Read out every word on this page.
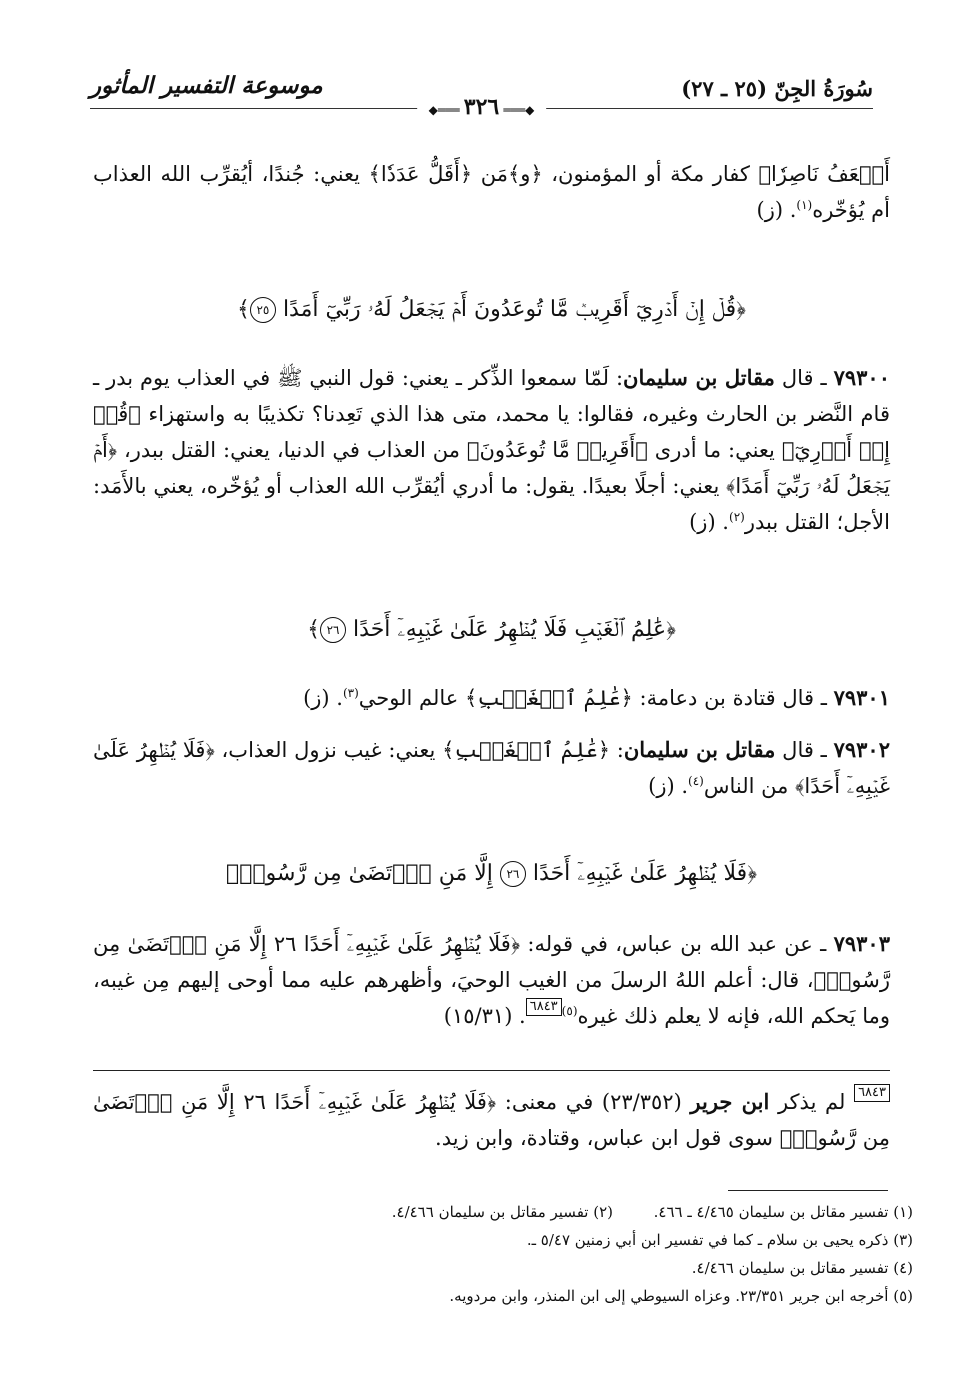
سُورَةُ الجِنّ (٢٥ ـ ٢٧)
موسوعة التفسير المأثور
◆═══ ٣٢٦ ═══◆

أَضۡعَفُ نَاصِرٗا﴾ كفار مكة أو المؤمنون، ﴿و﴾مَن ﴿أَقَلُّ عَدَدٗا﴾ يعني: جُندًا، أيُقرِّب الله العذاب أم يُؤخّره$^{(١)}$. (ز)

﴿قُلۡ إِنۡ أَدۡرِيٓ أَقَرِيبٞ مَّا تُوعَدُونَ أَمۡ يَجۡعَلُ لَهُۥ رَبِّيٓ أَمَدًا ٢٥﴾

٧٩٣٠٠ ـ قال مقاتل بن سليمان: لَمّا سمعوا الذِّكر ـ يعني: قول النبي ﷺ في العذاب يوم بدر ـ قام النَّضر بن الحارث وغيره، فقالوا: يا محمد، متى هذا الذي تَعِدنا؟ تكذيبًا به واستهزاء ﴿قُلۡ إِنۡ أَدۡرِيٓ﴾ يعني: ما أدرى ﴿أَقَرِيبٞ مَّا تُوعَدُونَ﴾ من العذاب في الدنيا، يعني: القتل ببدر، ﴿أَمۡ يَجۡعَلُ لَهُۥ رَبِّيٓ أَمَدًا﴾ يعني: أجلًا بعيدًا. يقول: ما أدري أيُقرِّب الله العذاب أو يُؤخّره، يعني بالأَمَد: الأجل؛ القتل ببدر$^{(٢)}$. (ز)

﴿عَٰلِمُ ٱلۡغَيۡبِ فَلَا يُظۡهِرُ عَلَىٰ غَيۡبِهِۦٓ أَحَدًا ٢٦﴾

٧٩٣٠١ ـ قال قتادة بن دعامة: ﴿عَٰلِمُ ٱلۡغَيۡبِ﴾ عالم الوحي$^{(٣)}$. (ز)

٧٩٣٠٢ ـ قال مقاتل بن سليمان: ﴿عَٰلِمُ ٱلۡغَيۡبِ﴾ يعني: غيب نزول العذاب، ﴿فَلَا يُظۡهِرُ عَلَىٰ غَيۡبِهِۦٓ أَحَدًا﴾ من الناس$^{(٤)}$. (ز)

﴿فَلَا يُظۡهِرُ عَلَىٰ غَيۡبِهِۦٓ أَحَدًا ٢٦ إِلَّا مَنِ ٱرۡتَضَىٰ مِن رَّسُولٖ﴾

٧٩٣٠٣ ـ عن عبد الله بن عباس، في قوله: ﴿فَلَا يُظۡهِرُ عَلَىٰ غَيۡبِهِۦٓ أَحَدًا ٢٦ إِلَّا مَنِ ٱرۡتَضَىٰ مِن رَّسُولٖ﴾، قال: أعلم اللهُ الرسلَ من الغيب الوحيَ، وأظهرهم عليه مما أوحى إليهم مِن غيبه، وما يَحكم الله، فإنه لا يعلم ذلك غيره$^{(٥)}$٦٨٤٣. (١٥/٣١)

٦٨٤٣ لم يذكر ابن جرير (٢٣/٣٥٢) في معنى: ﴿فَلَا يُظۡهِرُ عَلَىٰ غَيۡبِهِۦٓ أَحَدًا ٢٦ إِلَّا مَنِ ٱرۡتَضَىٰ مِن رَّسُولٖ﴾ سوى قول ابن عباس، وقتادة، وابن زيد.

(١) تفسير مقاتل بن سليمان ٤/٤٦٥ ـ ٤٦٦.
(٢) تفسير مقاتل بن سليمان ٤/٤٦٦.
(٣) ذكره يحيى بن سلام ـ كما في تفسير ابن أبي زمنين ٥/٤٧ ـ.
(٤) تفسير مقاتل بن سليمان ٤/٤٦٦.
(٥) أخرجه ابن جرير ٢٣/٣٥١. وعزاه السيوطي إلى ابن المنذر، وابن مردويه.
